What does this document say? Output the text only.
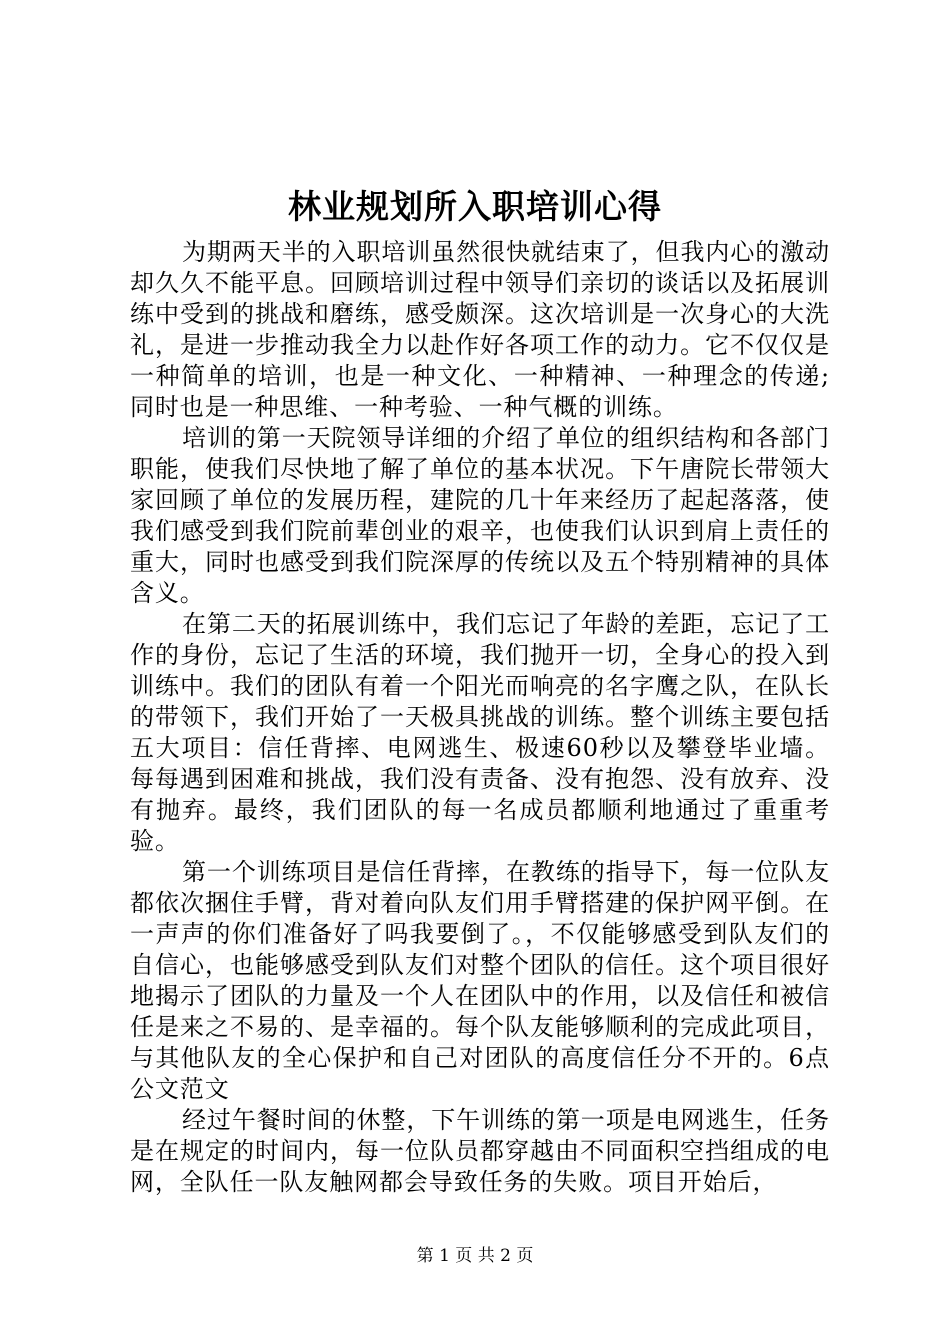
林业规划所入职培训心得

为期两天半的入职培训虽然很快就结束了，但我内心的激动却久久不能平息。回顾培训过程中领导们亲切的谈话以及拓展训练中受到的挑战和磨练，感受颇深。这次培训是一次身心的大洗礼，是进一步推动我全力以赴作好各项工作的动力。它不仅仅是一种简单的培训，也是一种文化、一种精神、一种理念的传递;同时也是一种思维、一种考验、一种气概的训练。

培训的第一天院领导详细的介绍了单位的组织结构和各部门职能，使我们尽快地了解了单位的基本状况。下午唐院长带领大家回顾了单位的发展历程，建院的几十年来经历了起起落落，使我们感受到我们院前辈创业的艰辛，也使我们认识到肩上责任的重大，同时也感受到我们院深厚的传统以及五个特别精神的具体含义。

在第二天的拓展训练中，我们忘记了年龄的差距，忘记了工作的身份，忘记了生活的环境，我们抛开一切，全身心的投入到训练中。我们的团队有着一个阳光而响亮的名字鹰之队，在队长的带领下，我们开始了一天极具挑战的训练。整个训练主要包括五大项目：信任背摔、电网逃生、极速60秒以及攀登毕业墙。每每遇到困难和挑战，我们没有责备、没有抱怨、没有放弃、没有抛弃。最终，我们团队的每一名成员都顺利地通过了重重考验。

第一个训练项目是信任背摔，在教练的指导下，每一位队友都依次捆住手臂，背对着向队友们用手臂搭建的保护网平倒。在一声声的你们准备好了吗我要倒了。，不仅能够感受到队友们的自信心，也能够感受到队友们对整个团队的信任。这个项目很好地揭示了团队的力量及一个人在团队中的作用，以及信任和被信任是来之不易的、是幸福的。每个队友能够顺利的完成此项目，与其他队友的全心保护和自己对团队的高度信任分不开的。6点公文范文

经过午餐时间的休整，下午训练的第一项是电网逃生，任务是在规定的时间内，每一位队员都穿越由不同面积空挡组成的电网，全队任一队友触网都会导致任务的失败。项目开始后，

第 1 页 共 2 页
